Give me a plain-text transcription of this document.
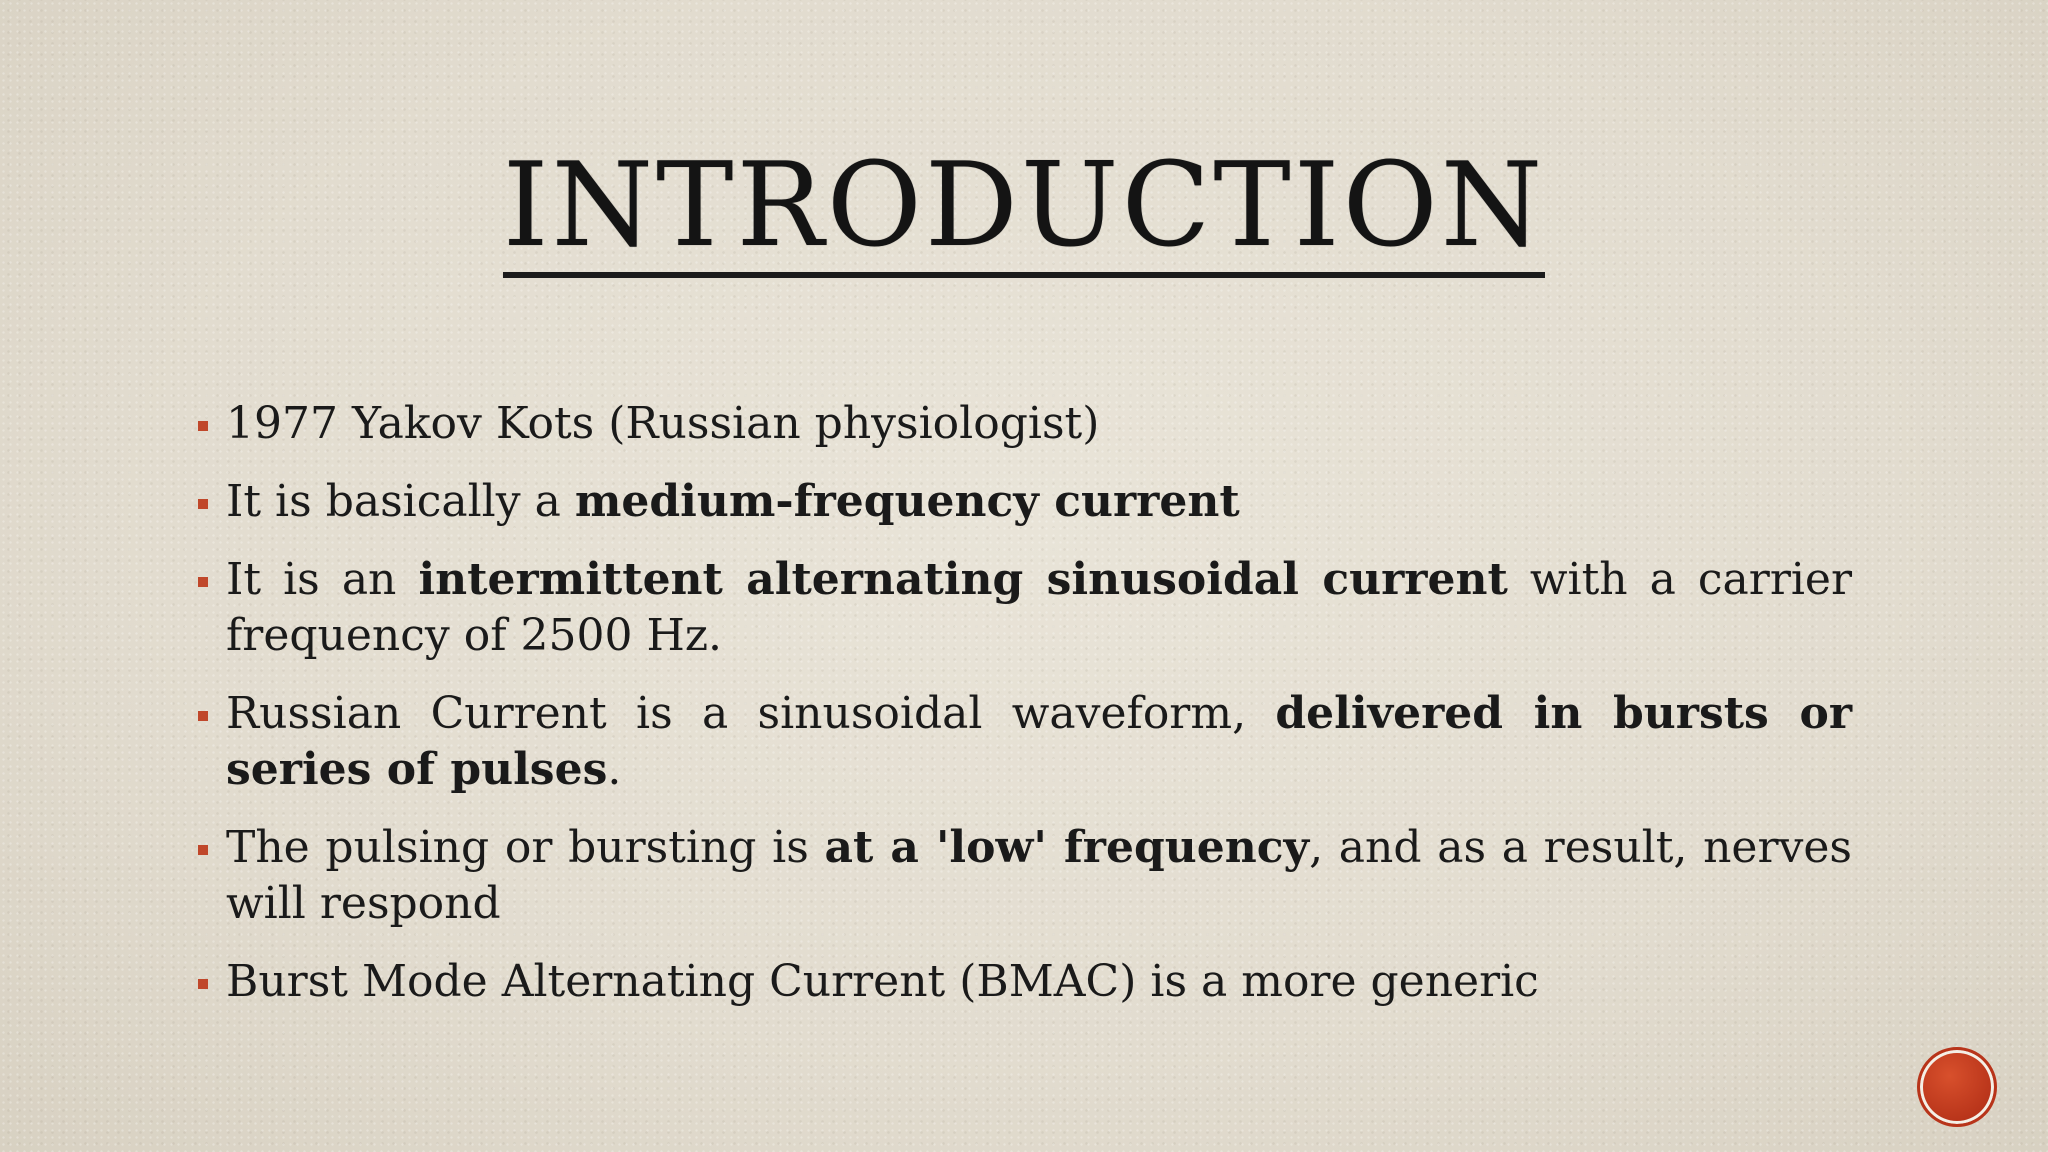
INTRODUCTION
1977 Yakov Kots (Russian physiologist)
It is basically a medium-frequency current
It is an intermittent alternating sinusoidal current with a carrier frequency of 2500 Hz.
Russian Current is a sinusoidal waveform, delivered in bursts or series of pulses.
The pulsing or bursting is at a 'low' frequency, and as a result, nerves will respond
Burst Mode Alternating Current (BMAC) is a more generic
